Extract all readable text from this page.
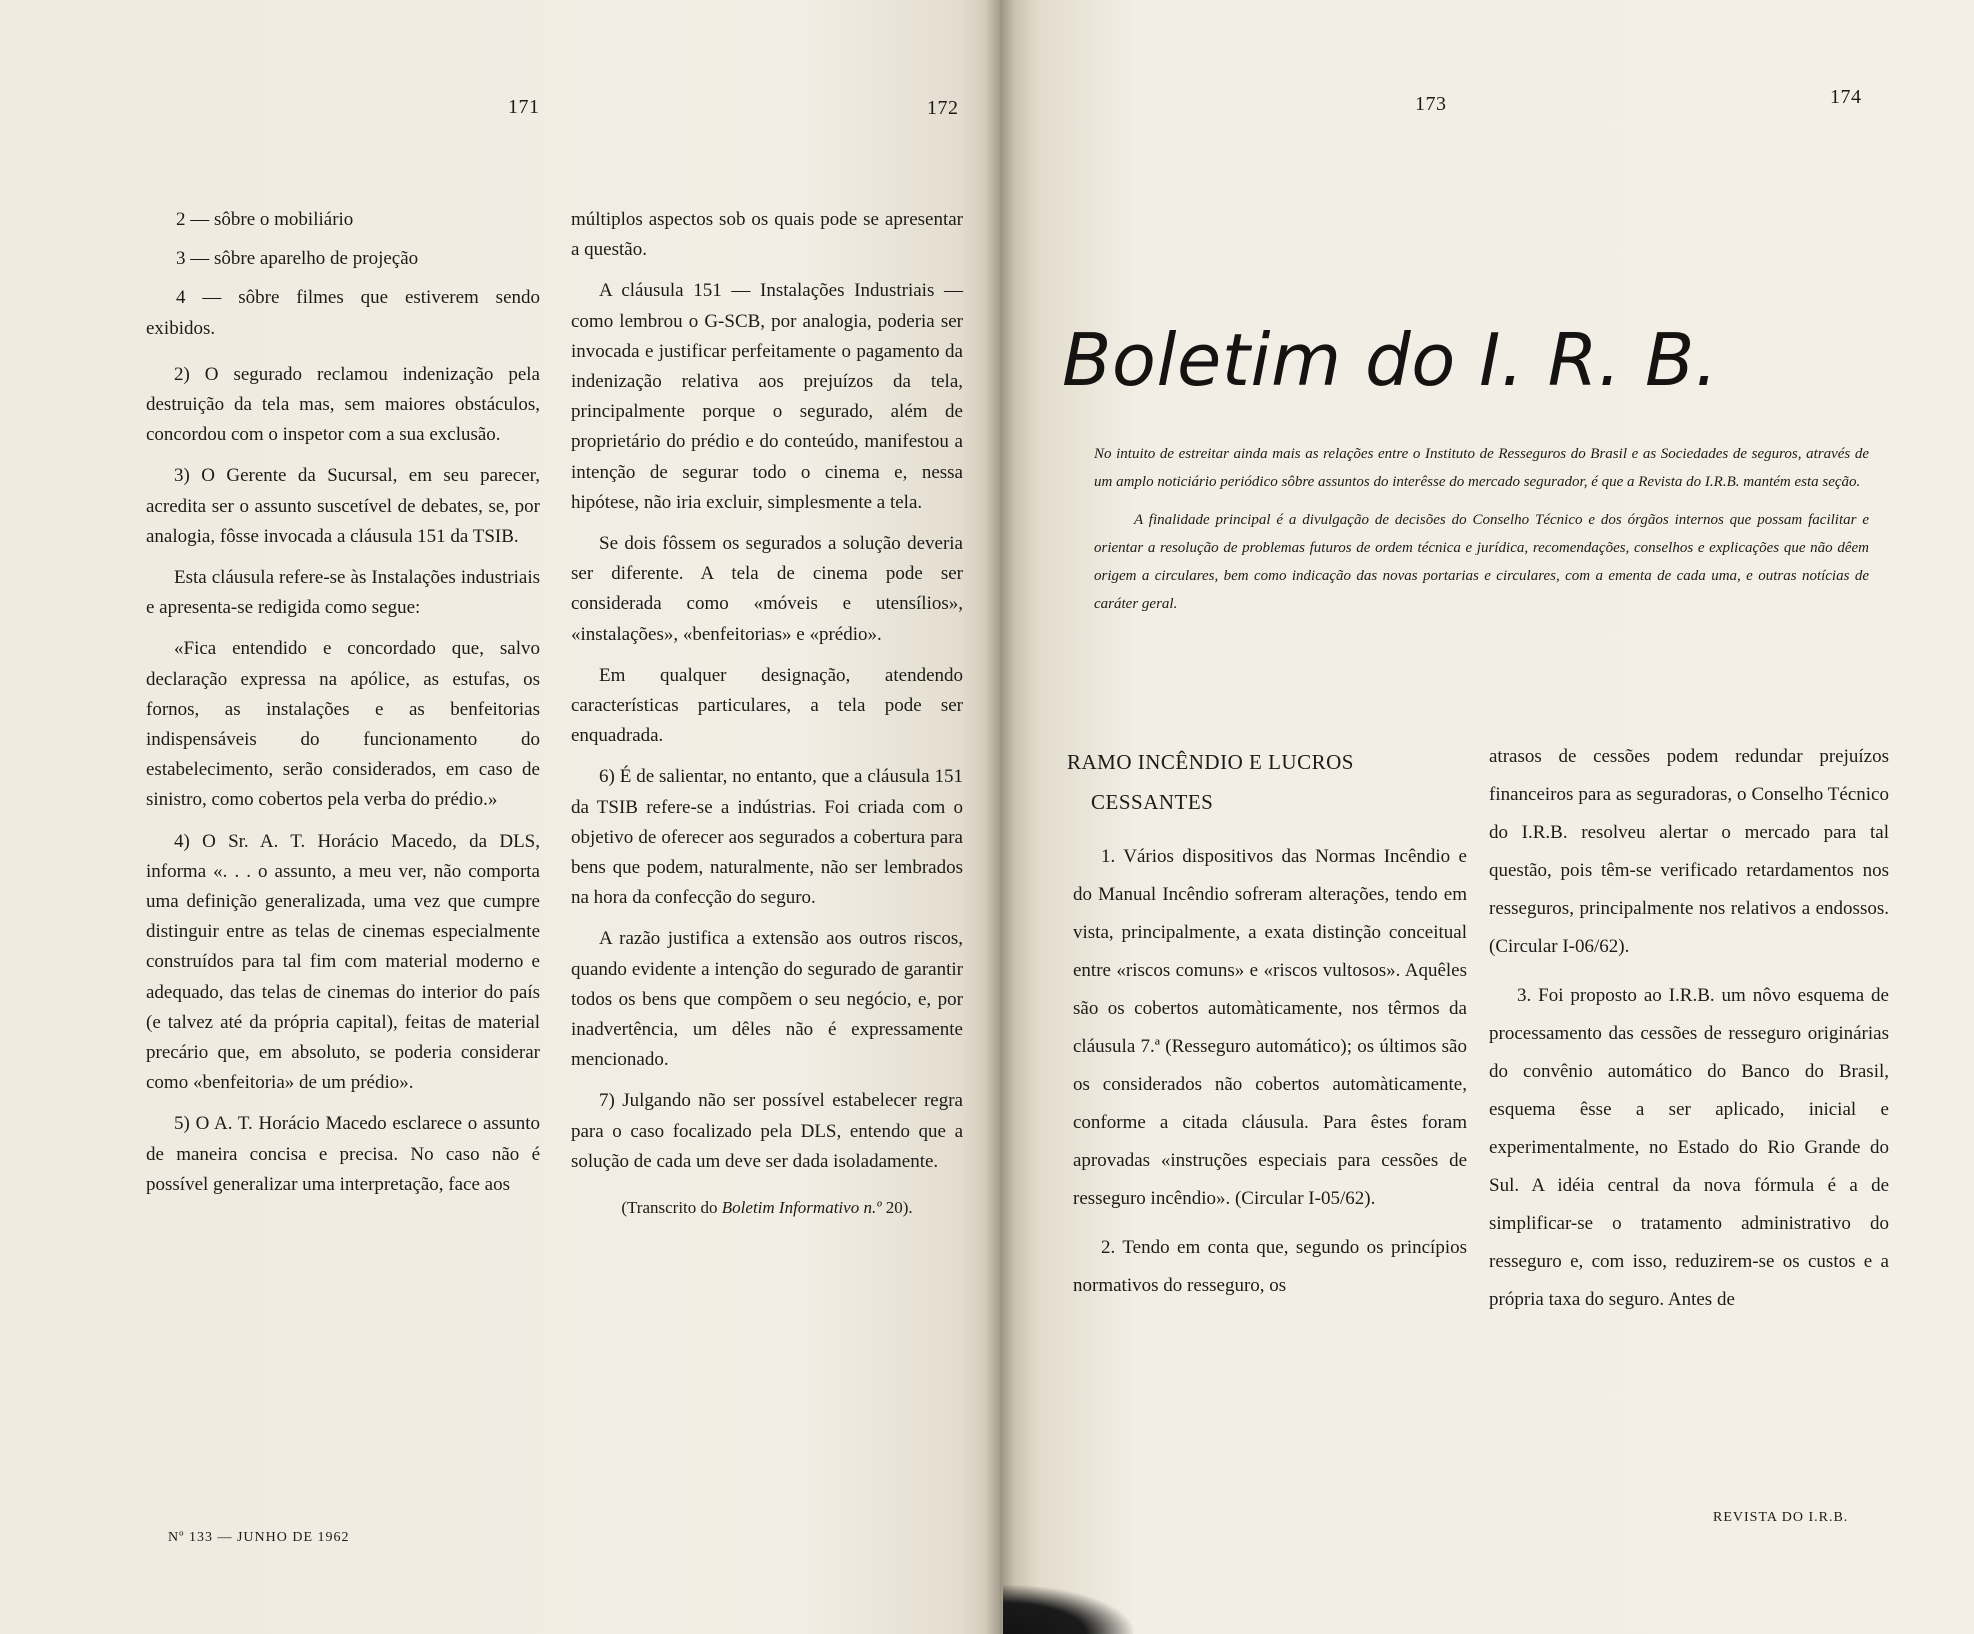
171	172	173	174

2 — sôbre o mobiliário

3 — sôbre aparelho de projeção

4 — sôbre filmes que estiverem sendo exibidos.

2) O segurado reclamou indenização pela destruição da tela mas, sem maiores obstáculos, concordou com o inspetor com a sua exclusão.

3) O Gerente da Sucursal, em seu parecer, acredita ser o assunto suscetível de debates, se, por analogia, fôsse invocada a cláusula 151 da TSIB.

Esta cláusula refere-se às Instalações industriais e apresenta-se redigida como segue:

«Fica entendido e concordado que, salvo declaração expressa na apólice, as estufas, os fornos, as instalações e as benfeitorias indispensáveis do funcionamento do estabelecimento, serão considerados, em caso de sinistro, como cobertos pela verba do prédio.»

4) O Sr. A. T. Horácio Macedo, da DLS, informa «. . . o assunto, a meu ver, não comporta uma definição generalizada, uma vez que cumpre distinguir entre as telas de cinemas especialmente construídos para tal fim com material moderno e adequado, das telas de cinemas do interior do país (e talvez até da própria capital), feitas de material precário que, em absoluto, se poderia considerar como «benfeitoria» de um prédio».

5) O A. T. Horácio Macedo esclarece o assunto de maneira concisa e precisa. No caso não é possível generalizar uma interpretação, face aos

Nº 133 — JUNHO DE 1962

múltiplos aspectos sob os quais pode se apresentar a questão.

A cláusula 151 — Instalações Industriais — como lembrou o G-SCB, por analogia, poderia ser invocada e justificar perfeitamente o pagamento da indenização relativa aos prejuízos da tela, principalmente porque o segurado, além de proprietário do prédio e do conteúdo, manifestou a intenção de segurar todo o cinema e, nessa hipótese, não iria excluir, simplesmente a tela.

Se dois fôssem os segurados a solução deveria ser diferente. A tela de cinema pode ser considerada como «móveis e utensílios», «instalações», «benfeitorias» e «prédio».

Em qualquer designação, atendendo características particulares, a tela pode ser enquadrada.

6) É de salientar, no entanto, que a cláusula 151 da TSIB refere-se a indústrias. Foi criada com o objetivo de oferecer aos segurados a cobertura para bens que podem, naturalmente, não ser lembrados na hora da confecção do seguro.

A razão justifica a extensão aos outros riscos, quando evidente a intenção do segurado de garantir todos os bens que compõem o seu negócio, e, por inadvertência, um dêles não é expressamente mencionado.

7) Julgando não ser possível estabelecer regra para o caso focalizado pela DLS, entendo que a solução de cada um deve ser dada isoladamente.

(Transcrito do Boletim Informativo n.º 20).

Boletim do I. R. B.

No intuito de estreitar ainda mais as relações entre o Instituto de Resseguros do Brasil e as Sociedades de seguros, através de um amplo noticiário periódico sôbre assuntos do interêsse do mercado segurador, é que a Revista do I.R.B. mantém esta seção.

A finalidade principal é a divulgação de decisões do Conselho Técnico e dos órgãos internos que possam facilitar e orientar a resolução de problemas futuros de ordem técnica e jurídica, recomendações, conselhos e explicações que não dêem origem a circulares, bem como indicação das novas portarias e circulares, com a ementa de cada uma, e outras notícias de caráter geral.

RAMO INCÊNDIO E LUCROS
CESSANTES

1. Vários dispositivos das Normas Incêndio e do Manual Incêndio sofreram alterações, tendo em vista, principalmente, a exata distinção conceitual entre «riscos comuns» e «riscos vultosos». Aquêles são os cobertos automàticamente, nos têrmos da cláusula 7.ª (Resseguro automático); os últimos são os considerados não cobertos automàticamente, conforme a citada cláusula. Para êstes foram aprovadas «instruções especiais para cessões de resseguro incêndio». (Circular I-05/62).

2. Tendo em conta que, segundo os princípios normativos do resseguro, os

atrasos de cessões podem redundar prejuízos financeiros para as seguradoras, o Conselho Técnico do I.R.B. resolveu alertar o mercado para tal questão, pois têm-se verificado retardamentos nos resseguros, principalmente nos relativos a endossos. (Circular I-06/62).

3. Foi proposto ao I.R.B. um nôvo esquema de processamento das cessões de resseguro originárias do convênio automático do Banco do Brasil, esquema êsse a ser aplicado, inicial e experimentalmente, no Estado do Rio Grande do Sul. A idéia central da nova fórmula é a de simplificar-se o tratamento administrativo do resseguro e, com isso, reduzirem-se os custos e a própria taxa do seguro. Antes de

REVISTA DO I.R.B.
